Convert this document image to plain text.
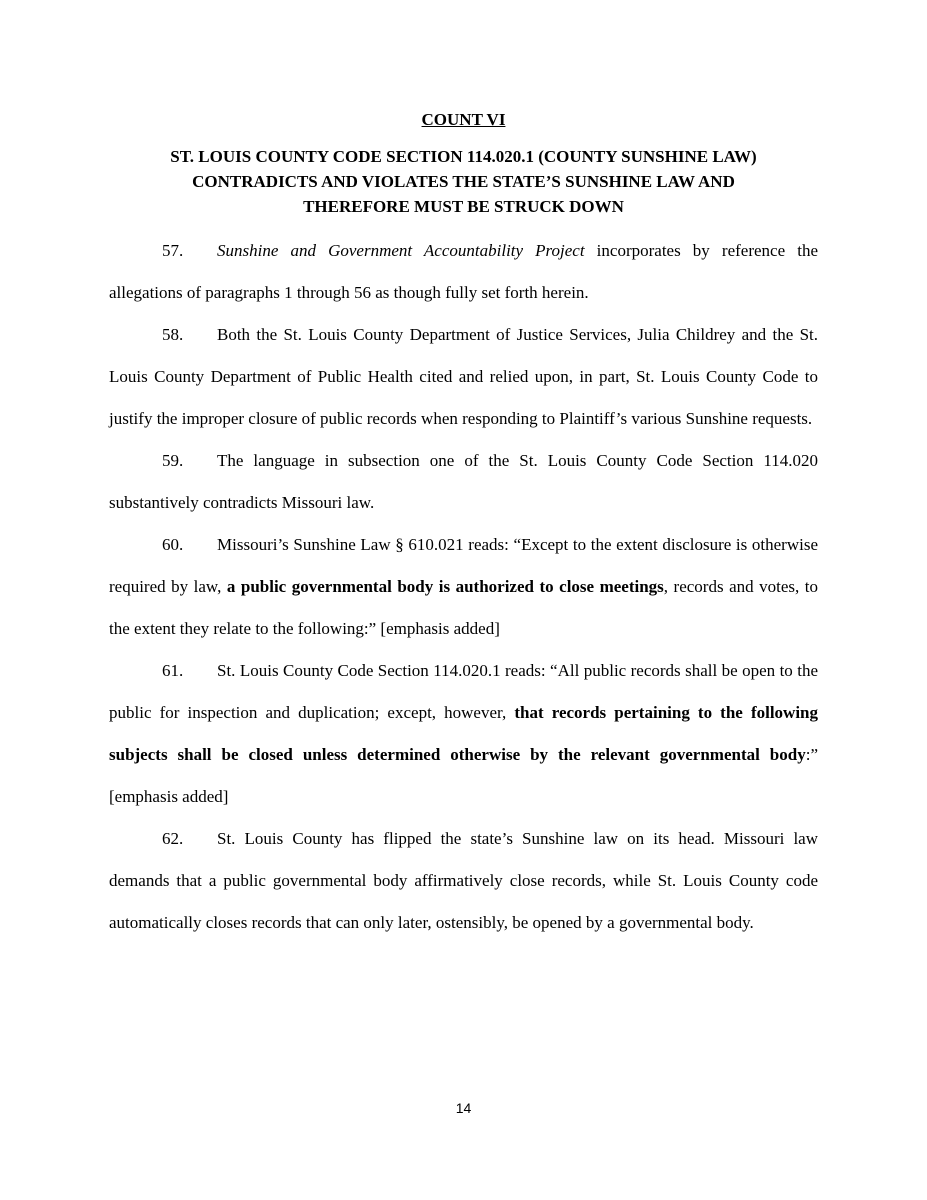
COUNT VI
ST. LOUIS COUNTY CODE SECTION 114.020.1 (COUNTY SUNSHINE LAW)
CONTRADICTS AND VIOLATES THE STATE’S SUNSHINE LAW AND
THEREFORE MUST BE STRUCK DOWN

57. Sunshine and Government Accountability Project incorporates by reference the allegations of paragraphs 1 through 56 as though fully set forth herein.

58. Both the St. Louis County Department of Justice Services, Julia Childrey and the St. Louis County Department of Public Health cited and relied upon, in part, St. Louis County Code to justify the improper closure of public records when responding to Plaintiff’s various Sunshine requests.

59. The language in subsection one of the St. Louis County Code Section 114.020 substantively contradicts Missouri law.

60. Missouri’s Sunshine Law § 610.021 reads: “Except to the extent disclosure is otherwise required by law, a public governmental body is authorized to close meetings, records and votes, to the extent they relate to the following:” [emphasis added]

61. St. Louis County Code Section 114.020.1 reads: “All public records shall be open to the public for inspection and duplication; except, however, that records pertaining to the following subjects shall be closed unless determined otherwise by the relevant governmental body:” [emphasis added]

62. St. Louis County has flipped the state’s Sunshine law on its head. Missouri law demands that a public governmental body affirmatively close records, while St. Louis County code automatically closes records that can only later, ostensibly, be opened by a governmental body.

14
